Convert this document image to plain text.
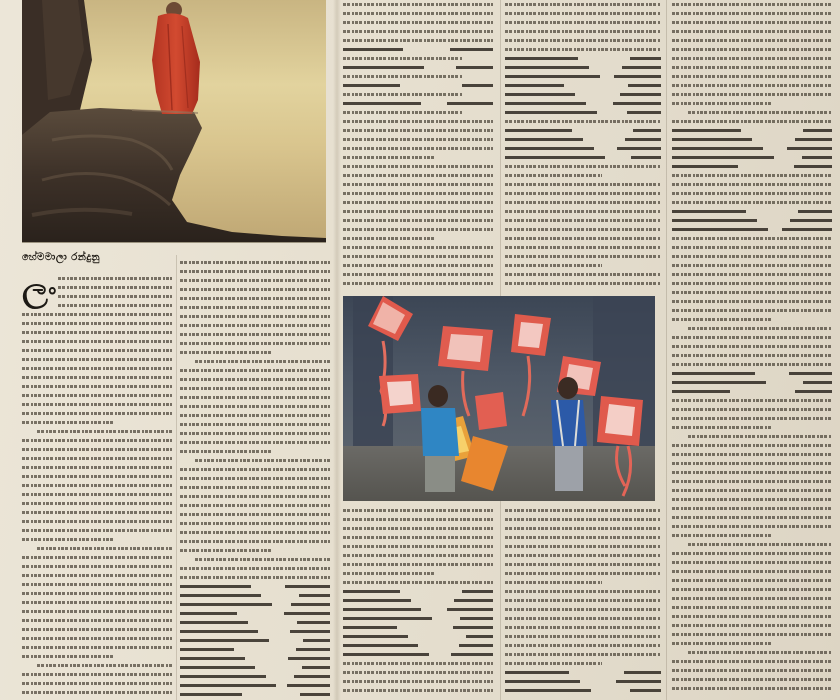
හේමමාලා රන්දුනු
ලං
